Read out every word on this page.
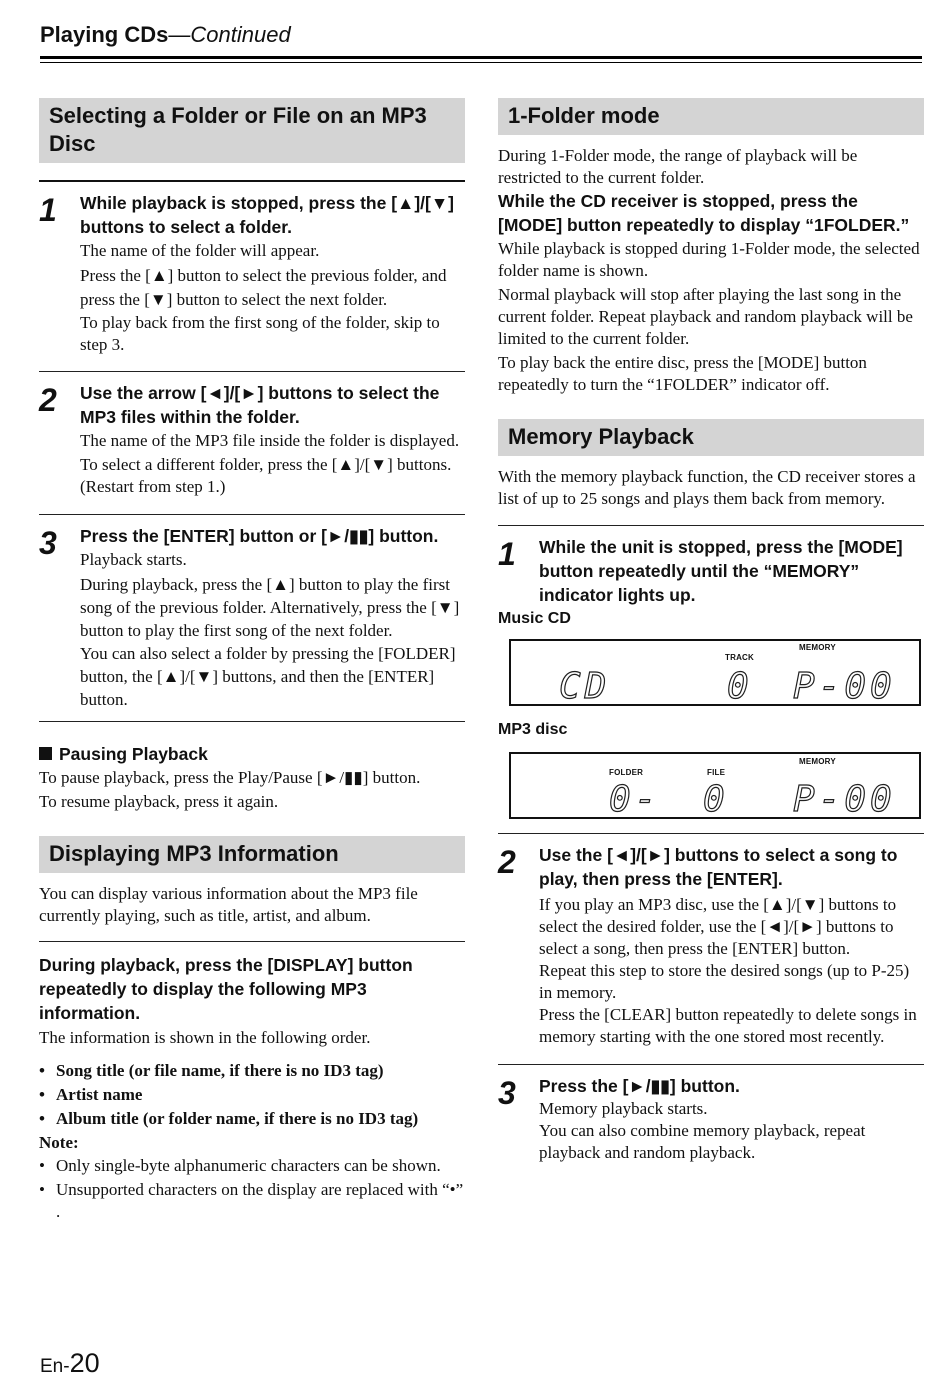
Playing CDs—Continued
Selecting a Folder or File on an MP3 Disc
1 While playback is stopped, press the [▲]/[▼] buttons to select a folder.
The name of the folder will appear.
Press the [▲] button to select the previous folder, and press the [▼] button to select the next folder.
To play back from the first song of the folder, skip to step 3.
2 Use the arrow [◄]/[►] buttons to select the MP3 files within the folder.
The name of the MP3 file inside the folder is displayed.
To select a different folder, press the [▲]/[▼] buttons. (Restart from step 1.)
3 Press the [ENTER] button or [►/▮▮] button.
Playback starts.
During playback, press the [▲] button to play the first song of the previous folder. Alternatively, press the [▼] button to play the first song of the next folder.
You can also select a folder by pressing the [FOLDER] button, the [▲]/[▼] buttons, and then the [ENTER] button.
Pausing Playback
To pause playback, press the Play/Pause [►/▮▮] button.
To resume playback, press it again.
Displaying MP3 Information
You can display various information about the MP3 file currently playing, such as title, artist, and album.
During playback, press the [DISPLAY] button repeatedly to display the following MP3 information.
The information is shown in the following order.
• Song title (or file name, if there is no ID3 tag)
• Artist name
• Album title (or folder name, if there is no ID3 tag)
Note:
• Only single-byte alphanumeric characters can be shown.
• Unsupported characters on the display are replaced with “•” .
1-Folder mode
During 1-Folder mode, the range of playback will be restricted to the current folder.
While the CD receiver is stopped, press the [MODE] button repeatedly to display “1FOLDER.”
While playback is stopped during 1-Folder mode, the selected folder name is shown.
Normal playback will stop after playing the last song in the current folder. Repeat playback and random playback will be limited to the current folder.
To play back the entire disc, press the [MODE] button repeatedly to turn the “1FOLDER” indicator off.
Memory Playback
With the memory playback function, the CD receiver stores a list of up to 25 songs and plays them back from memory.
1 While the unit is stopped, press the [MODE] button repeatedly until the “MEMORY” indicator lights up.
Music CD
TRACK
MEMORY
CD	0 P-00
MP3 disc
FOLDER	FILE
MEMORY
0- 0 P-00
2 Use the [◄]/[►] buttons to select a song to play, then press the [ENTER].
If you play an MP3 disc, use the [▲]/[▼] buttons to select the desired folder, use the [◄]/[►] buttons to select a song, then press the [ENTER] button.
Repeat this step to store the desired songs (up to P-25) in memory.
Press the [CLEAR] button repeatedly to delete songs in memory starting with the one stored most recently.
3 Press the [►/▮▮] button.
Memory playback starts.
You can also combine memory playback, repeat playback and random playback.
En-20
